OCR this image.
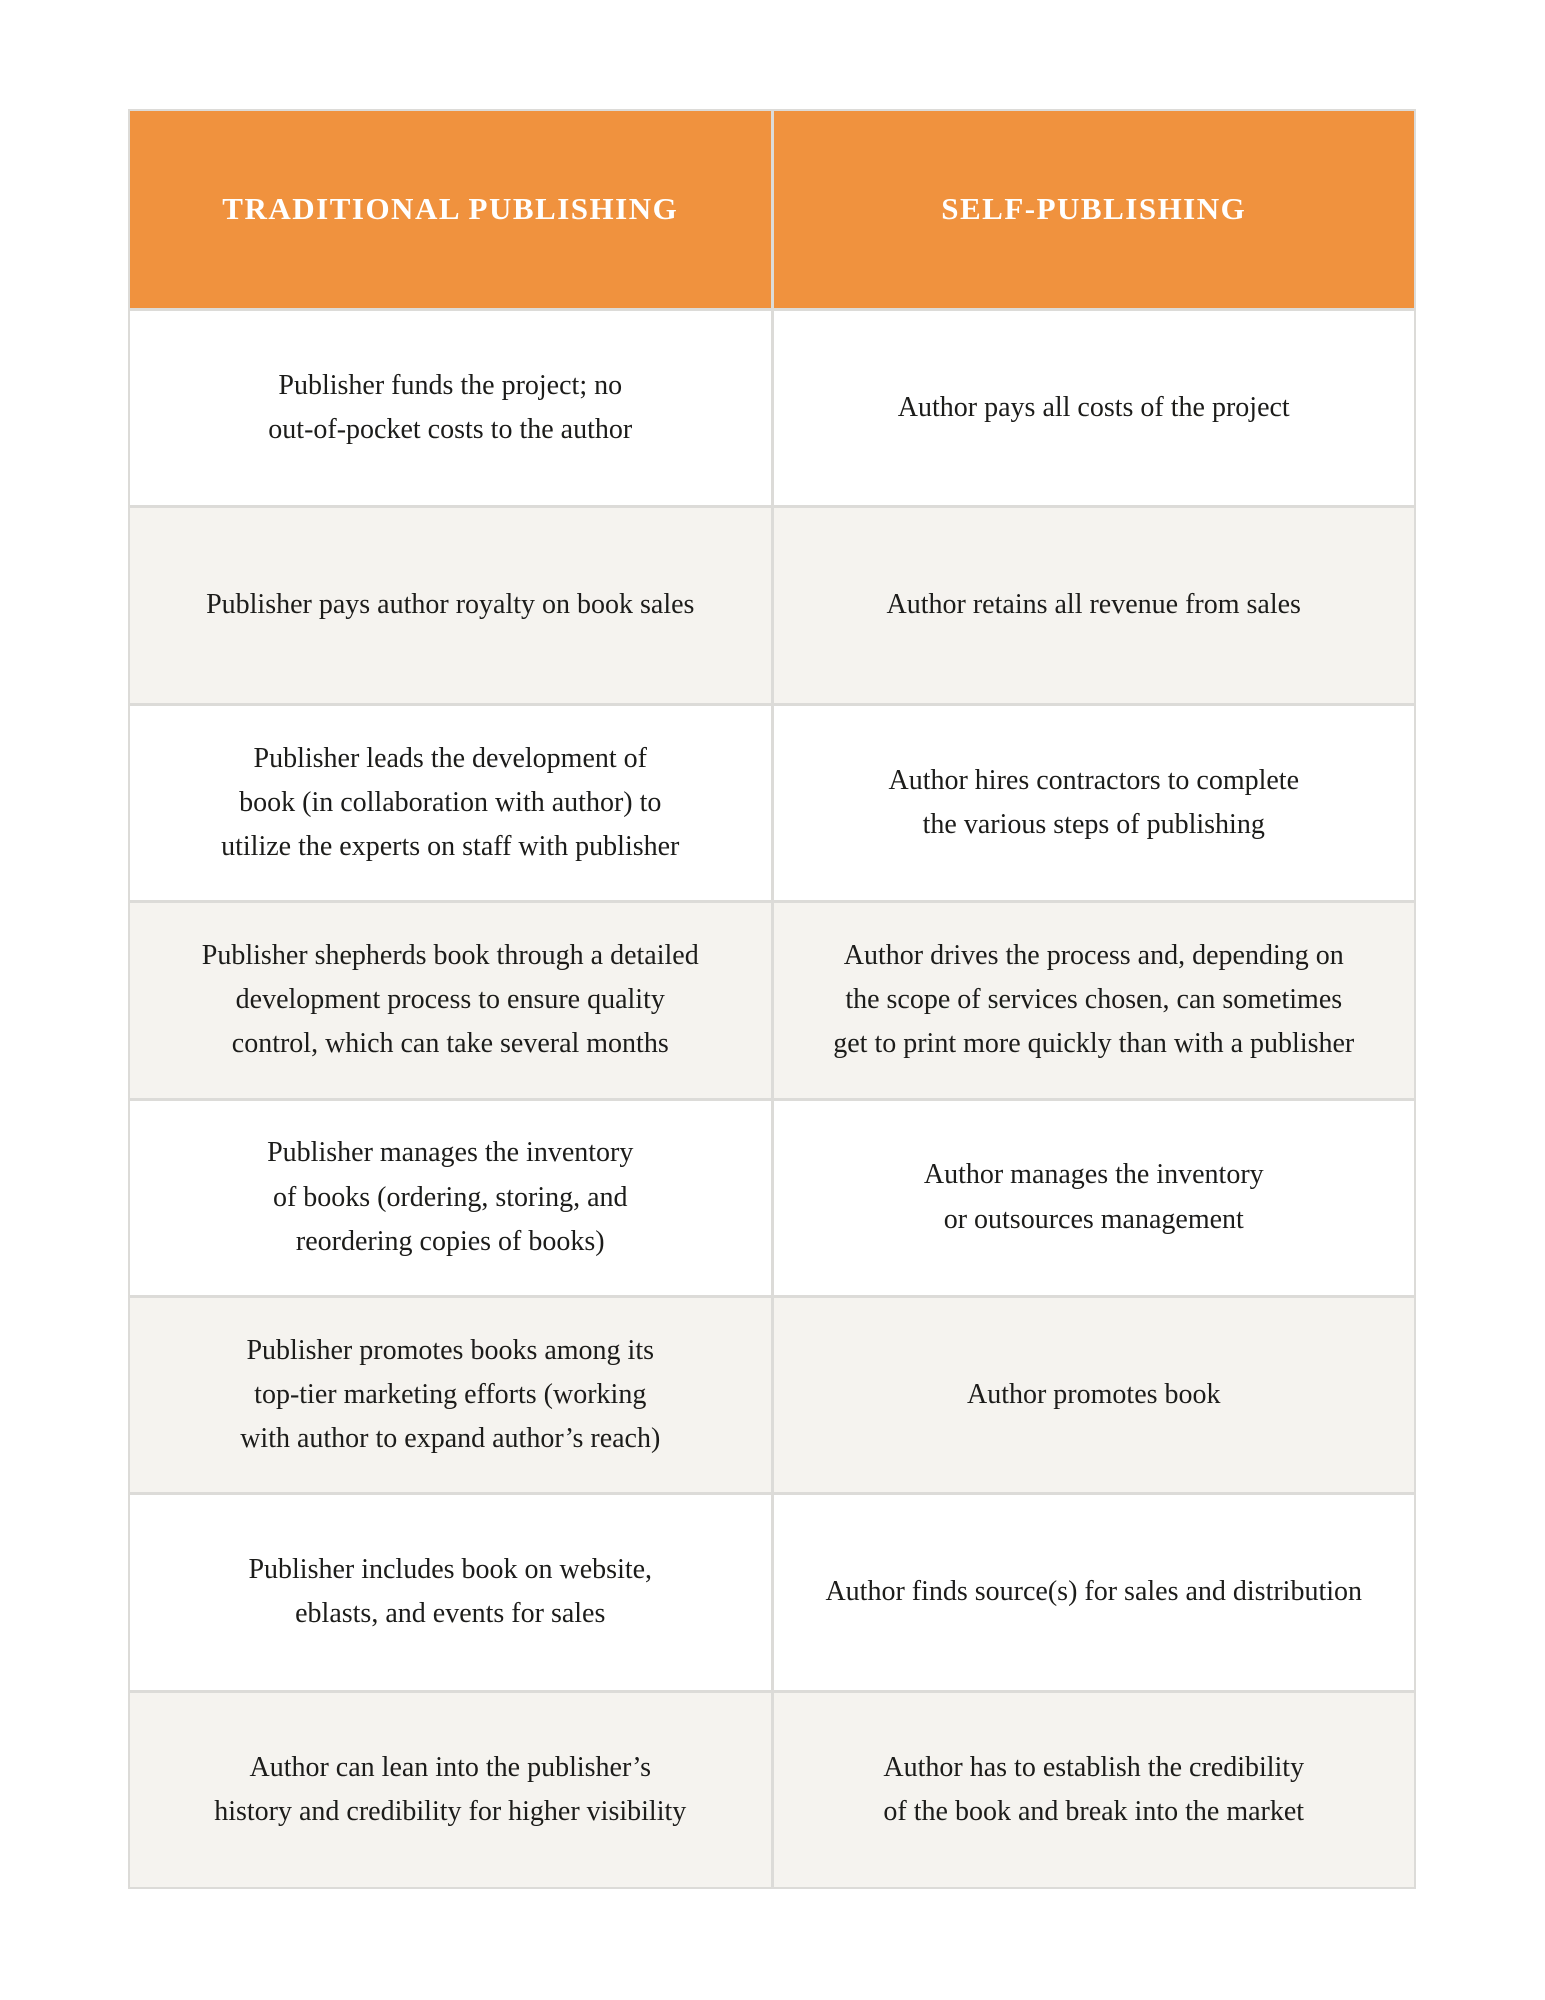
TRADITIONAL PUBLISHING	SELF-PUBLISHING
Publisher funds the project; no out-of-pocket costs to the author
Author pays all costs of the project
Publisher pays author royalty on book sales	Author retains all revenue from sales
Publisher leads the development of book (in collaboration with author) to utilize the experts on staff with publisher
Author hires contractors to complete the various steps of publishing
Publisher shepherds book through a detailed development process to ensure quality control, which can take several months
Author drives the process and, depending on the scope of services chosen, can sometimes get to print more quickly than with a publisher
Publisher manages the inventory of books (ordering, storing, and reordering copies of books)
Author manages the inventory or outsources management
Publisher promotes books among its top-tier marketing efforts (working with author to expand author’s reach)
Author promotes book
Publisher includes book on website, eblasts, and events for sales
Author finds source(s) for sales and distribution
Author can lean into the publisher’s history and credibility for higher visibility
Author has to establish the credibility of the book and break into the market
